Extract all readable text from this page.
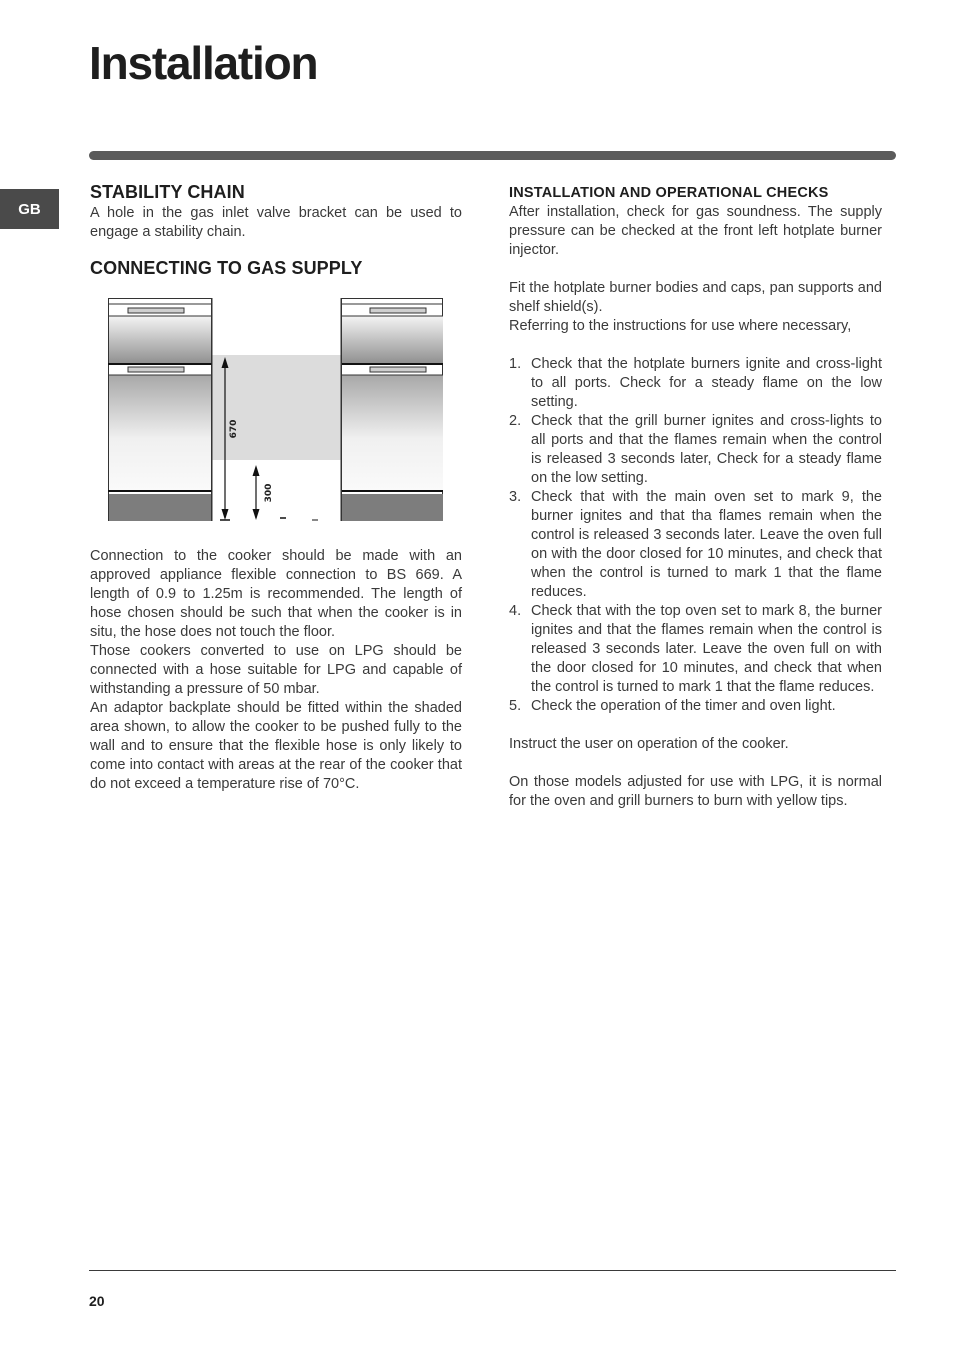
Installation
GB
STABILITY CHAIN

A hole in the gas inlet valve bracket can be used to engage a stability chain.

CONNECTING TO GAS SUPPLY
670
300

Connection to the cooker should be made with an approved appliance flexible connection to BS 669. A length of 0.9 to 1.25m is recommended. The length of hose chosen should be such that when the cooker is in situ, the hose does not touch the floor.

Those cookers converted to use on LPG should be connected with a hose suitable for LPG and capable of withstanding a pressure of 50 mbar.

An adaptor backplate should be fitted within the shaded area shown, to allow the cooker to be pushed fully to the wall and to ensure that the flexible hose is only likely to come into contact with areas at the rear of the cooker that do not exceed a temperature rise of 70°C.

INSTALLATION AND OPERATIONAL CHECKS

After installation, check for gas soundness. The supply pressure can be checked at the front left hotplate burner injector.

Fit the hotplate burner bodies and caps, pan supports and shelf shield(s).

Referring to the instructions for use where necessary,

1. Check that the hotplate burners ignite and cross-light to all ports. Check for a steady flame on the low setting.
2. Check that the grill burner ignites and cross-lights to all ports and that the flames remain when the control is released 3 seconds later, Check for a steady flame on the low setting.
3. Check that with the main oven set to mark 9, the burner ignites and that tha flames remain when the control is released 3 seconds later. Leave the oven full on with the door closed for 10 minutes, and check that when the control is turned to mark 1 that the flame reduces.
4. Check that with the top oven set to mark 8, the burner ignites and that the flames remain when the control is released 3 seconds later. Leave the oven full on with the door closed for 10 minutes, and check that when the control is turned to mark 1 that the flame reduces.
5. Check the operation of the timer and oven light.

Instruct the user on operation of the cooker.

On those models adjusted for use with LPG, it is normal for the oven and grill burners to burn with yellow tips.

20
